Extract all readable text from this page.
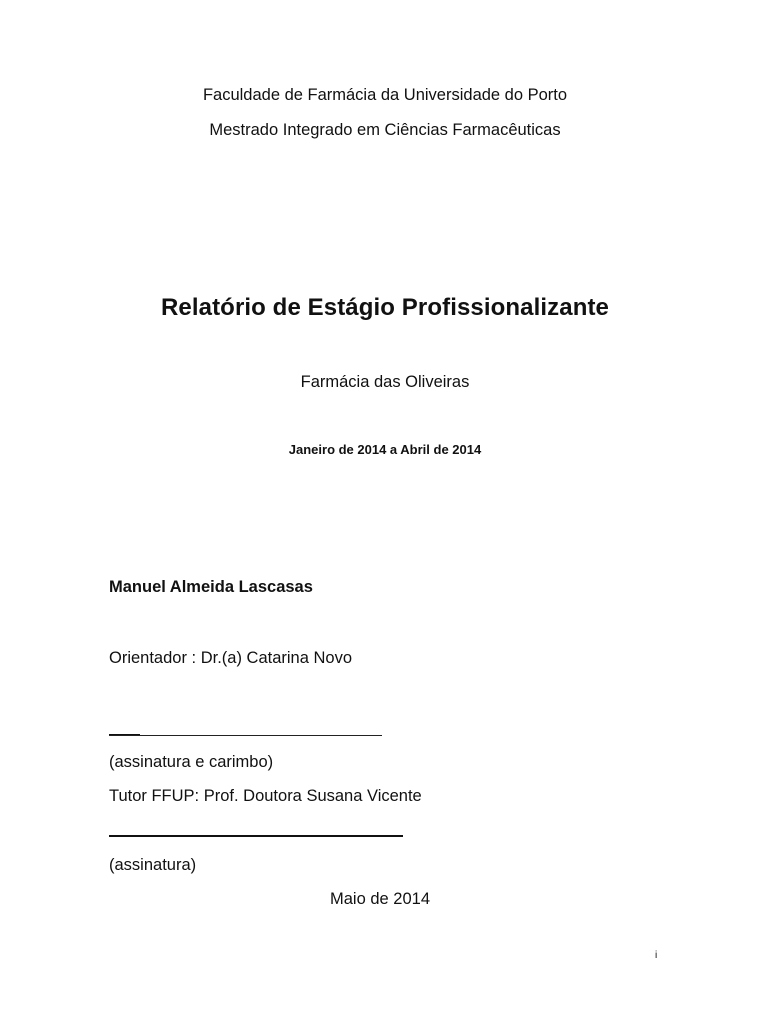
Faculdade de Farmácia da Universidade do Porto
Mestrado Integrado em Ciências Farmacêuticas
Relatório de Estágio Profissionalizante
Farmácia das Oliveiras
Janeiro de 2014 a Abril de 2014
Manuel Almeida Lascasas
Orientador : Dr.(a) Catarina Novo
(assinatura e carimbo)
Tutor FFUP: Prof. Doutora Susana Vicente
(assinatura)
Maio de 2014
i
